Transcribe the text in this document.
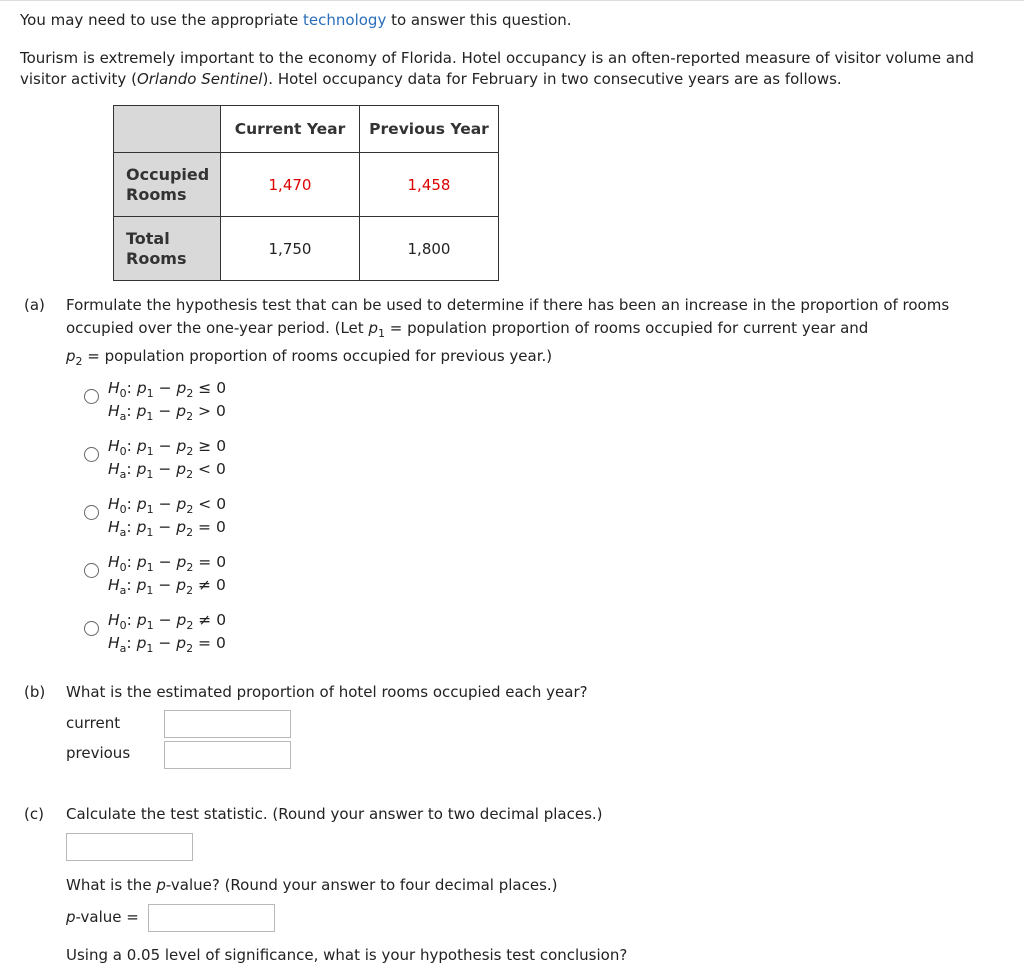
You may need to use the appropriate technology to answer this question.

Tourism is extremely important to the economy of Florida. Hotel occupancy is an often-reported measure of visitor volume and visitor activity (Orlando Sentinel). Hotel occupancy data for February in two consecutive years are as follows.

	Current Year	Previous Year
Occupied
Rooms	1,470	1,458
Total
Rooms	1,750	1,800
(a) Formulate the hypothesis test that can be used to determine if there has been an increase in the proportion of rooms occupied over the one-year period. (Let $p_1$ = population proportion of rooms occupied for current year and
$p_2$ = population proportion of rooms occupied for previous year.)
$H_0$: $p_1 - p_2 \le 0$
$H_a$: $p_1 - p_2 > 0$
$H_0$: $p_1 - p_2 \ge 0$
$H_a$: $p_1 - p_2 < 0$
$H_0$: $p_1 - p_2 < 0$
$H_a$: $p_1 - p_2 = 0$
$H_0$: $p_1 - p_2 = 0$
$H_a$: $p_1 - p_2 \ne 0$
$H_0$: $p_1 - p_2 \ne 0$
$H_a$: $p_1 - p_2 = 0$
(b) What is the estimated proportion of hotel rooms occupied each year?
current
previous
(c) Calculate the test statistic. (Round your answer to two decimal places.)
What is the p-value? (Round your answer to four decimal places.)
p-value =
Using a 0.05 level of significance, what is your hypothesis test conclusion?
